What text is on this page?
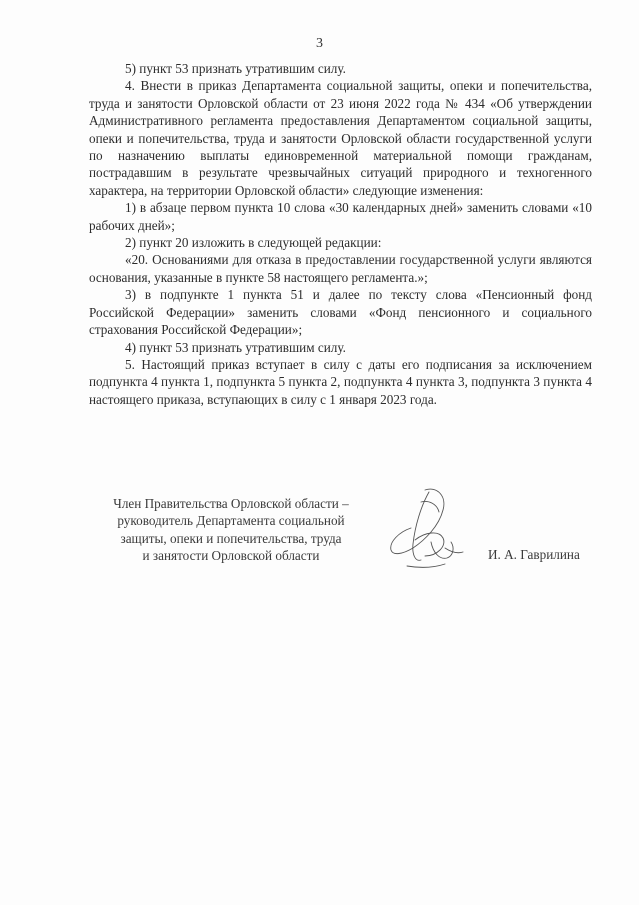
3

5) пункт 53 признать утратившим силу.

4. Внести в приказ Департамента социальной защиты, опеки и попечительства, труда и занятости Орловской области от 23 июня 2022 года № 434 «Об утверждении Административного регламента предоставления Департаментом социальной защиты, опеки и попечительства, труда и занятости Орловской области государственной услуги по назначению выплаты единовременной материальной помощи гражданам, пострадавшим в результате чрезвычайных ситуаций природного и техногенного характера, на территории Орловской области» следующие изменения:

1) в абзаце первом пункта 10 слова «30 календарных дней» заменить словами «10 рабочих дней»;

2) пункт 20 изложить в следующей редакции:

«20. Основаниями для отказа в предоставлении государственной услуги являются основания, указанные в пункте 58 настоящего регламента.»;

3) в подпункте 1 пункта 51 и далее по тексту слова «Пенсионный фонд Российской Федерации» заменить словами «Фонд пенсионного и социального страхования Российской Федерации»;

4) пункт 53 признать утратившим силу.

5. Настоящий приказ вступает в силу с даты его подписания за исключением подпункта 4 пункта 1, подпункта 5 пункта 2, подпункта 4 пункта 3, подпункта 3 пункта 4 настоящего приказа, вступающих в силу с 1 января 2023 года.

Член Правительства Орловской области –
руководитель Департамента социальной
защиты, опеки и попечительства, труда
и занятости Орловской области	И. А. Гаврилина
